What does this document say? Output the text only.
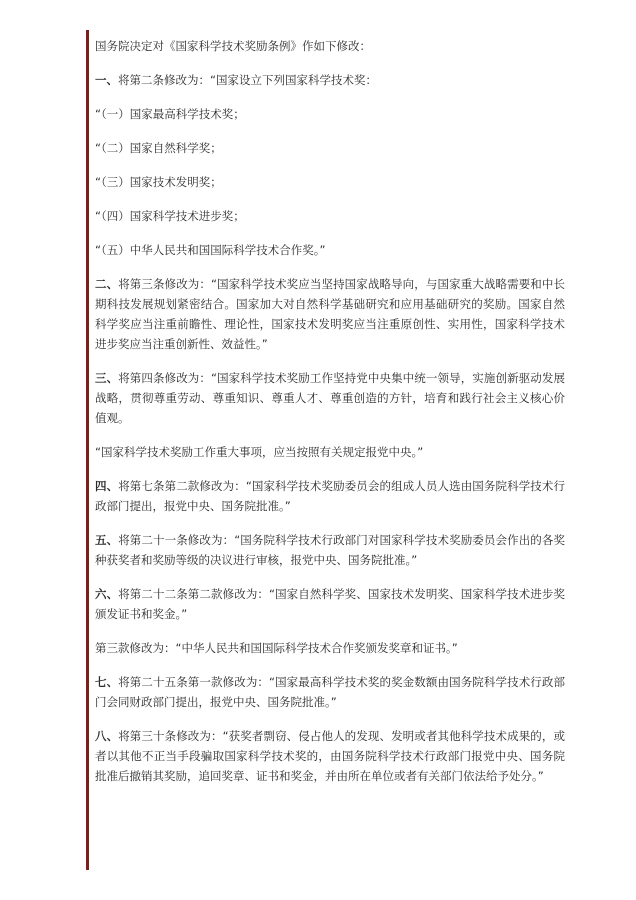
国务院决定对《国家科学技术奖励条例》作如下修改：

一、将第二条修改为：“国家设立下列国家科学技术奖：

“（一）国家最高科学技术奖；

“（二）国家自然科学奖；

“（三）国家技术发明奖；

“（四）国家科学技术进步奖；

“（五）中华人民共和国国际科学技术合作奖。”

二、将第三条修改为：“国家科学技术奖应当坚持国家战略导向，与国家重大战略需要和中长期科技发展规划紧密结合。国家加大对自然科学基础研究和应用基础研究的奖励。国家自然科学奖应当注重前瞻性、理论性，国家技术发明奖应当注重原创性、实用性，国家科学技术进步奖应当注重创新性、效益性。”

三、将第四条修改为：“国家科学技术奖励工作坚持党中央集中统一领导，实施创新驱动发展战略，贯彻尊重劳动、尊重知识、尊重人才、尊重创造的方针，培育和践行社会主义核心价值观。

“国家科学技术奖励工作重大事项，应当按照有关规定报党中央。”

四、将第七条第二款修改为：“国家科学技术奖励委员会的组成人员人选由国务院科学技术行政部门提出，报党中央、国务院批准。”

五、将第二十一条修改为：“国务院科学技术行政部门对国家科学技术奖励委员会作出的各奖种获奖者和奖励等级的决议进行审核，报党中央、国务院批准。”

六、将第二十二条第二款修改为：“国家自然科学奖、国家技术发明奖、国家科学技术进步奖颁发证书和奖金。”

第三款修改为：“中华人民共和国国际科学技术合作奖颁发奖章和证书。”

七、将第二十五条第一款修改为：“国家最高科学技术奖的奖金数额由国务院科学技术行政部门会同财政部门提出，报党中央、国务院批准。”

八、将第三十条修改为：“获奖者剽窃、侵占他人的发现、发明或者其他科学技术成果的，或者以其他不正当手段骗取国家科学技术奖的，由国务院科学技术行政部门报党中央、国务院批准后撤销其奖励，追回奖章、证书和奖金，并由所在单位或者有关部门依法给予处分。”
